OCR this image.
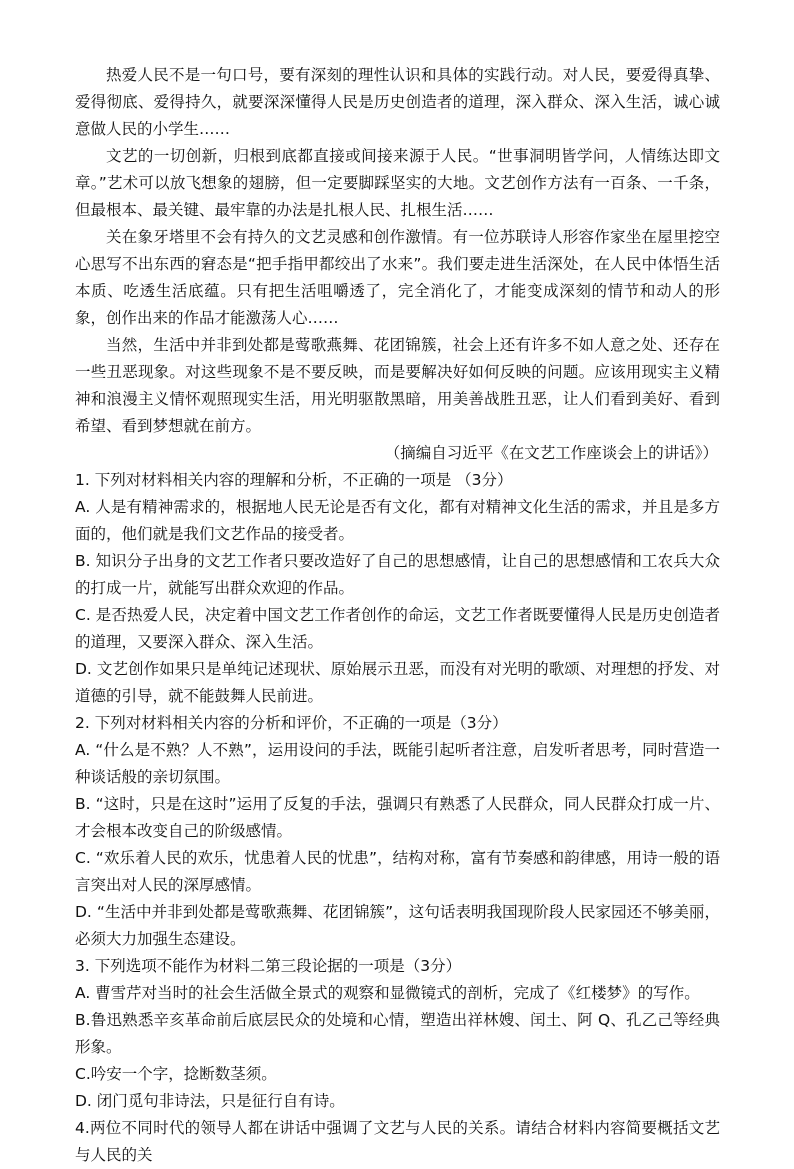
热爱人民不是一句口号，要有深刻的理性认识和具体的实践行动。对人民，要爱得真挚、爱得彻底、爱得持久，就要深深懂得人民是历史创造者的道理，深入群众、深入生活，诚心诚意做人民的小学生……

文艺的一切创新，归根到底都直接或间接来源于人民。“世事洞明皆学问，人情练达即文章。”艺术可以放飞想象的翅膀，但一定要脚踩坚实的大地。文艺创作方法有一百条、一千条，但最根本、最关键、最牢靠的办法是扎根人民、扎根生活……

关在象牙塔里不会有持久的文艺灵感和创作激情。有一位苏联诗人形容作家坐在屋里挖空心思写不出东西的窘态是“把手指甲都绞出了水来”。我们要走进生活深处，在人民中体悟生活本质、吃透生活底蕴。只有把生活咀嚼透了，完全消化了，才能变成深刻的情节和动人的形象，创作出来的作品才能激荡人心……

当然，生活中并非到处都是莺歌燕舞、花团锦簇，社会上还有许多不如人意之处、还存在一些丑恶现象。对这些现象不是不要反映，而是要解决好如何反映的问题。应该用现实主义精神和浪漫主义情怀观照现实生活，用光明驱散黑暗，用美善战胜丑恶，让人们看到美好、看到希望、看到梦想就在前方。

（摘编自习近平《在文艺工作座谈会上的讲话》）

1. 下列对材料相关内容的理解和分析，不正确的一项是 （3分）

A. 人是有精神需求的，根据地人民无论是否有文化，都有对精神文化生活的需求，并且是多方面的，他们就是我们文艺作品的接受者。

B. 知识分子出身的文艺工作者只要改造好了自己的思想感情，让自己的思想感情和工农兵大众的打成一片，就能写出群众欢迎的作品。

C. 是否热爱人民，决定着中国文艺工作者创作的命运，文艺工作者既要懂得人民是历史创造者的道理，又要深入群众、深入生活。

D. 文艺创作如果只是单纯记述现状、原始展示丑恶，而没有对光明的歌颂、对理想的抒发、对道德的引导，就不能鼓舞人民前进。

2. 下列对材料相关内容的分析和评价，不正确的一项是（3分）

A. “什么是不熟？人不熟”，运用设问的手法，既能引起听者注意，启发听者思考，同时营造一种谈话般的亲切氛围。

B. “这时，只是在这时”运用了反复的手法，强调只有熟悉了人民群众，同人民群众打成一片、才会根本改变自己的阶级感情。

C. “欢乐着人民的欢乐，忧患着人民的忧患”，结构对称，富有节奏感和韵律感，用诗一般的语言突出对人民的深厚感情。

D. “生活中并非到处都是莺歌燕舞、花团锦簇”，这句话表明我国现阶段人民家园还不够美丽，必须大力加强生态建设。

3. 下列选项不能作为材料二第三段论据的一项是（3分）

A. 曹雪芹对当时的社会生活做全景式的观察和显微镜式的剖析，完成了《红楼梦》的写作。

B.鲁迅熟悉辛亥革命前后底层民众的处境和心情，塑造出祥林嫂、闰土、阿 Q、孔乙己等经典形象。

C.吟安一个字，捻断数茎须。

D. 闭门觅句非诗法，只是征行自有诗。

4.两位不同时代的领导人都在讲话中强调了文艺与人民的关系。请结合材料内容简要概括文艺与人民的关
